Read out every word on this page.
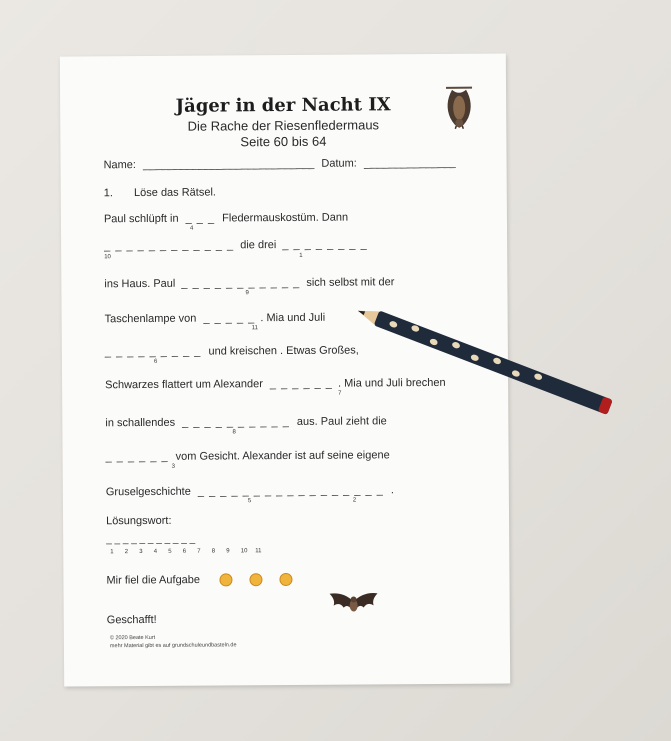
Jäger in der Nacht IX
Die Rache der Riesenfledermaus
Seite 60 bis 64
Name: ____________________________ Datum: _______________
1. Löse das Rätsel.
Paul schlüpft in _ _ _ Fledermauskostüm. Dann
4
_ _ _ _ _ _ _ _ _ _ _ _ die drei _ _ _ _ _ _ _ _
10	1
ins Haus. Paul _ _ _ _ _ _ _ _ _ _ _ sich selbst mit der
9
Taschenlampe von _ _ _ _ _ . Mia und Juli
11
_ _ _ _ _ _ _ _ _ und kreischen . Etwas Großes,
6
Schwarzes flattert um Alexander _ _ _ _ _ _ . Mia und Juli brechen
7
in schallendes _ _ _ _ _ _ _ _ _ _ aus. Paul zieht die
8
_ _ _ _ _ _ vom Gesicht. Alexander ist auf seine eigene
3
Gruselgeschichte _ _ _ _ _ _ _ _ _ _ _ _ _ _ _ _ _ .
5	2
Lösungswort:
_ _ _ _ _ _ _ _ _ _ _
1 2 3 4 5 6 7 8 9 10 11
Mir fiel die Aufgabe
Geschafft!
© 2020 Beate Kurt
mehr Material gibt es auf grundschuleundbasteln.de
